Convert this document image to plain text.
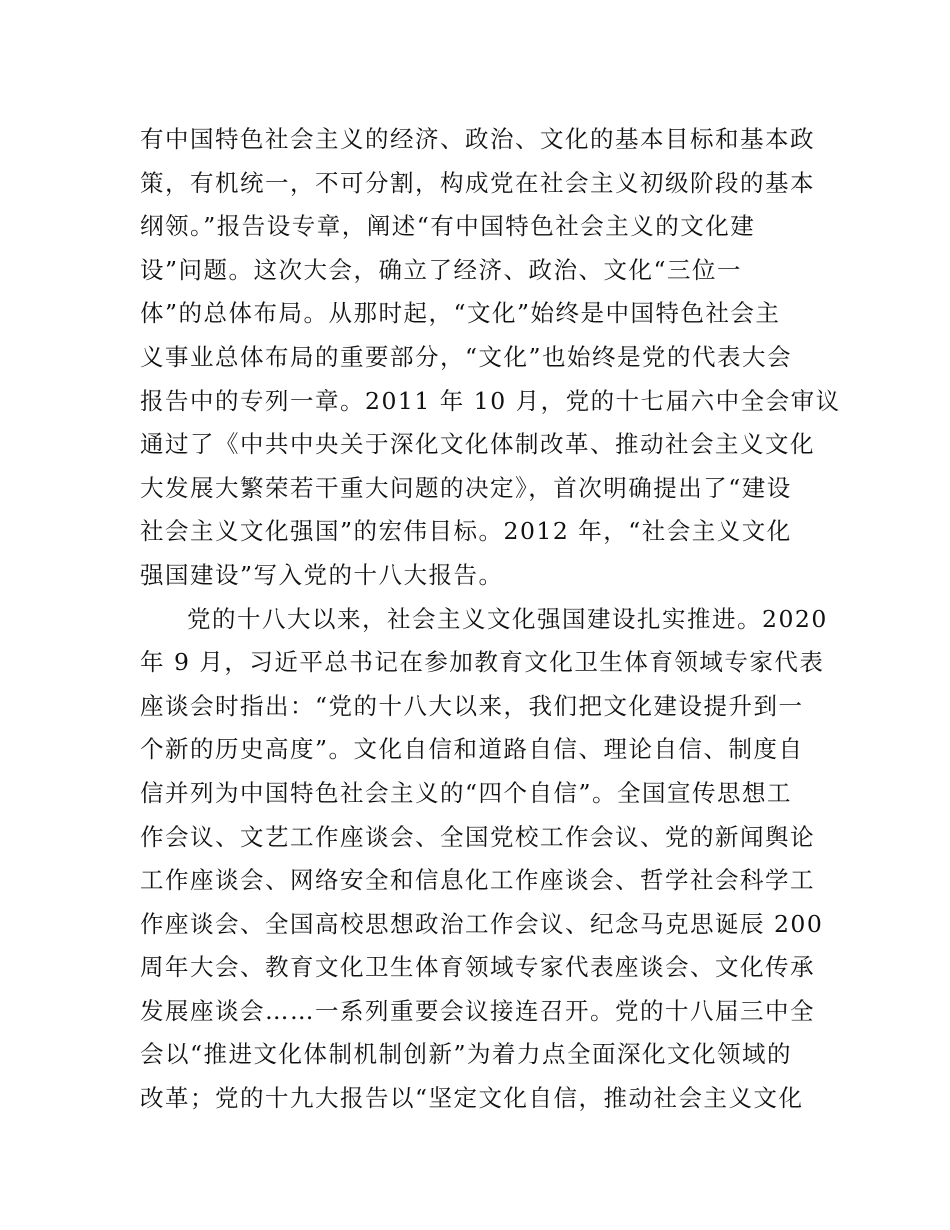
有中国特色社会主义的经济、政治、文化的基本目标和基本政
策，有机统一，不可分割，构成党在社会主义初级阶段的基本
纲领。”报告设专章，阐述“有中国特色社会主义的文化建
设”问题。这次大会，确立了经济、政治、文化“三位一
体”的总体布局。从那时起，“文化”始终是中国特色社会主
义事业总体布局的重要部分，“文化”也始终是党的代表大会
报告中的专列一章。2011 年 10 月，党的十七届六中全会审议
通过了《中共中央关于深化文化体制改革、推动社会主义文化
大发展大繁荣若干重大问题的决定》，首次明确提出了“建设
社会主义文化强国”的宏伟目标。2012 年，“社会主义文化
强国建设”写入党的十八大报告。
党的十八大以来，社会主义文化强国建设扎实推进。2020
年 9 月，习近平总书记在参加教育文化卫生体育领域专家代表
座谈会时指出：“党的十八大以来，我们把文化建设提升到一
个新的历史高度”。文化自信和道路自信、理论自信、制度自
信并列为中国特色社会主义的“四个自信”。全国宣传思想工
作会议、文艺工作座谈会、全国党校工作会议、党的新闻舆论
工作座谈会、网络安全和信息化工作座谈会、哲学社会科学工
作座谈会、全国高校思想政治工作会议、纪念马克思诞辰 200
周年大会、教育文化卫生体育领域专家代表座谈会、文化传承
发展座谈会……一系列重要会议接连召开。党的十八届三中全
会以“推进文化体制机制创新”为着力点全面深化文化领域的
改革；党的十九大报告以“坚定文化自信，推动社会主义文化
